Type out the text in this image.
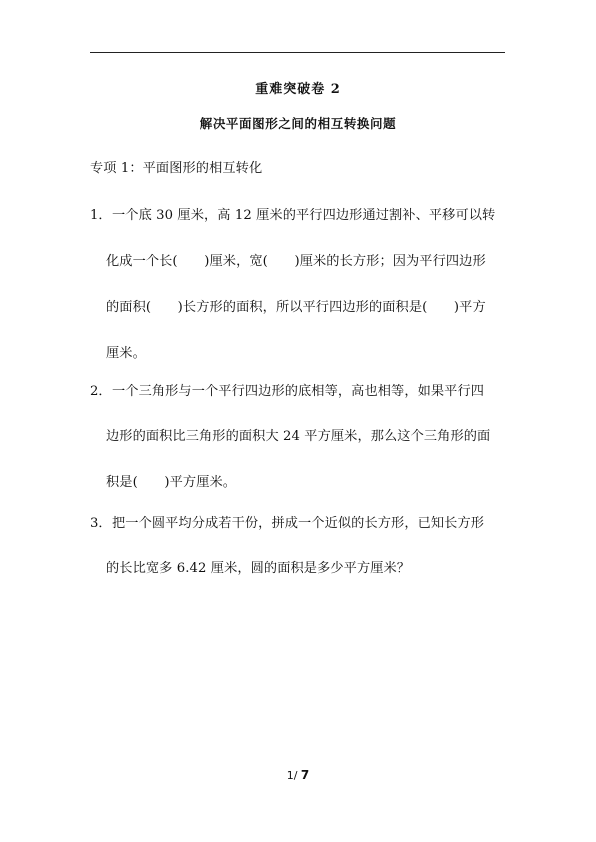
重难突破卷 2
解决平面图形之间的相互转换问题
专项 1：平面图形的相互转化
1． 一个底 30 厘米，高 12 厘米的平行四边形通过割补、平移可以转
化成一个长(　　)厘米，宽(　　)厘米的长方形；因为平行四边形
的面积(　　)长方形的面积，所以平行四边形的面积是(　　)平方
厘米。
2． 一个三角形与一个平行四边形的底相等，高也相等，如果平行四
边形的面积比三角形的面积大 24 平方厘米，那么这个三角形的面
积是(　　)平方厘米。
3． 把一个圆平均分成若干份，拼成一个近似的长方形，已知长方形
的长比宽多 6.42 厘米，圆的面积是多少平方厘米？
1/ 7
